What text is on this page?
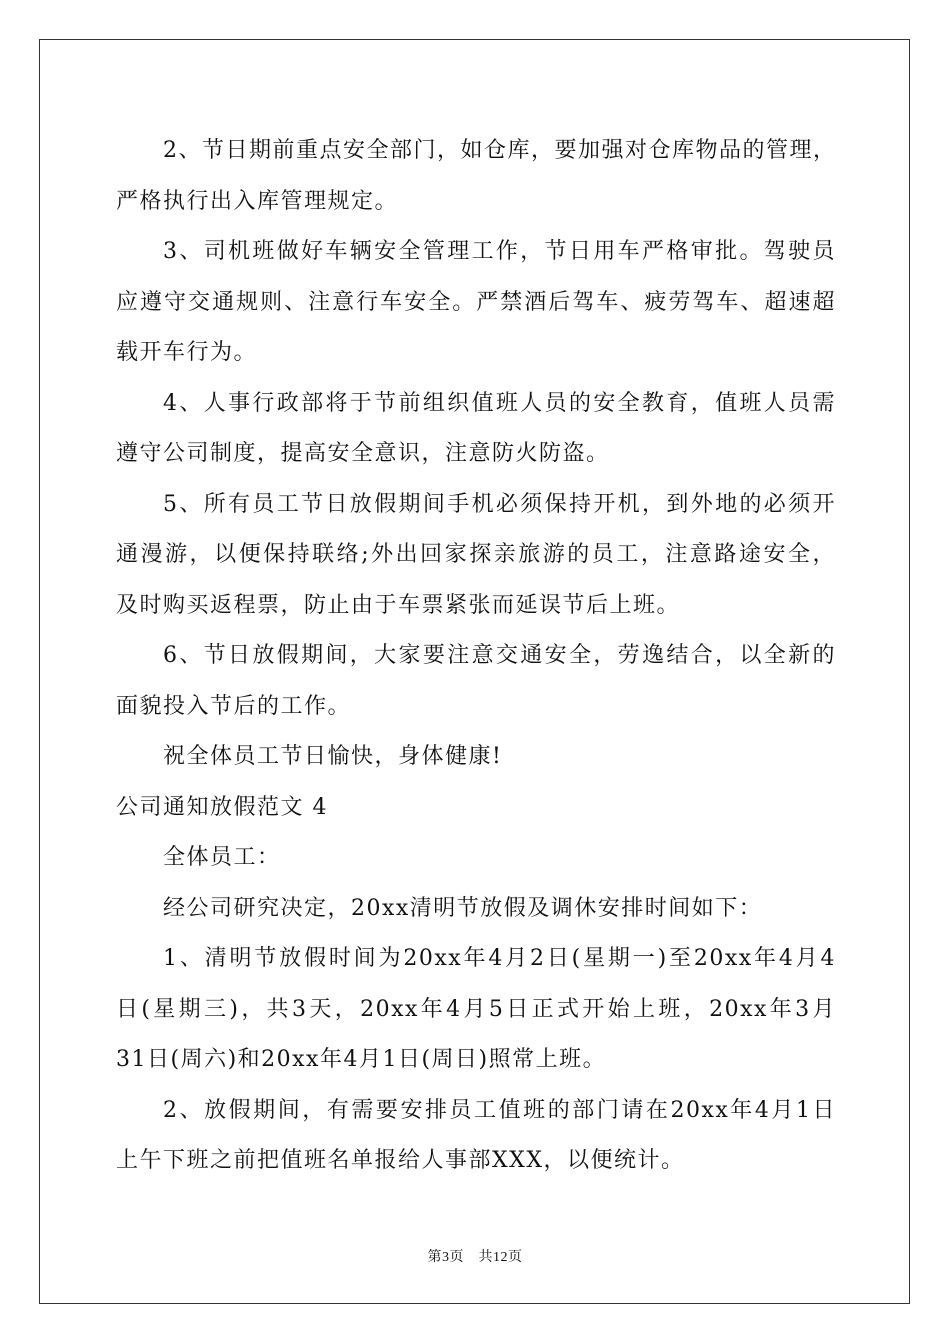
2、节日期前重点安全部门，如仓库，要加强对仓库物品的管理，
严格执行出入库管理规定。
3、司机班做好车辆安全管理工作，节日用车严格审批。驾驶员
应遵守交通规则、注意行车安全。严禁酒后驾车、疲劳驾车、超速超
载开车行为。
4、人事行政部将于节前组织值班人员的安全教育，值班人员需
遵守公司制度，提高安全意识，注意防火防盗。
5、所有员工节日放假期间手机必须保持开机，到外地的必须开
通漫游，以便保持联络;外出回家探亲旅游的员工，注意路途安全，
及时购买返程票，防止由于车票紧张而延误节后上班。
6、节日放假期间，大家要注意交通安全，劳逸结合，以全新的
面貌投入节后的工作。
祝全体员工节日愉快，身体健康!
公司通知放假范文 4
全体员工：
经公司研究决定，20xx清明节放假及调休安排时间如下：
1、清明节放假时间为20xx年4月2日(星期一)至20xx年4月4
日(星期三)，共3天，20xx年4月5日正式开始上班，20xx年3月
31日(周六)和20xx年4月1日(周日)照常上班。
2、放假期间，有需要安排员工值班的部门请在20xx年4月1日
上午下班之前把值班名单报给人事部XXX，以便统计。
第3页　共12页
